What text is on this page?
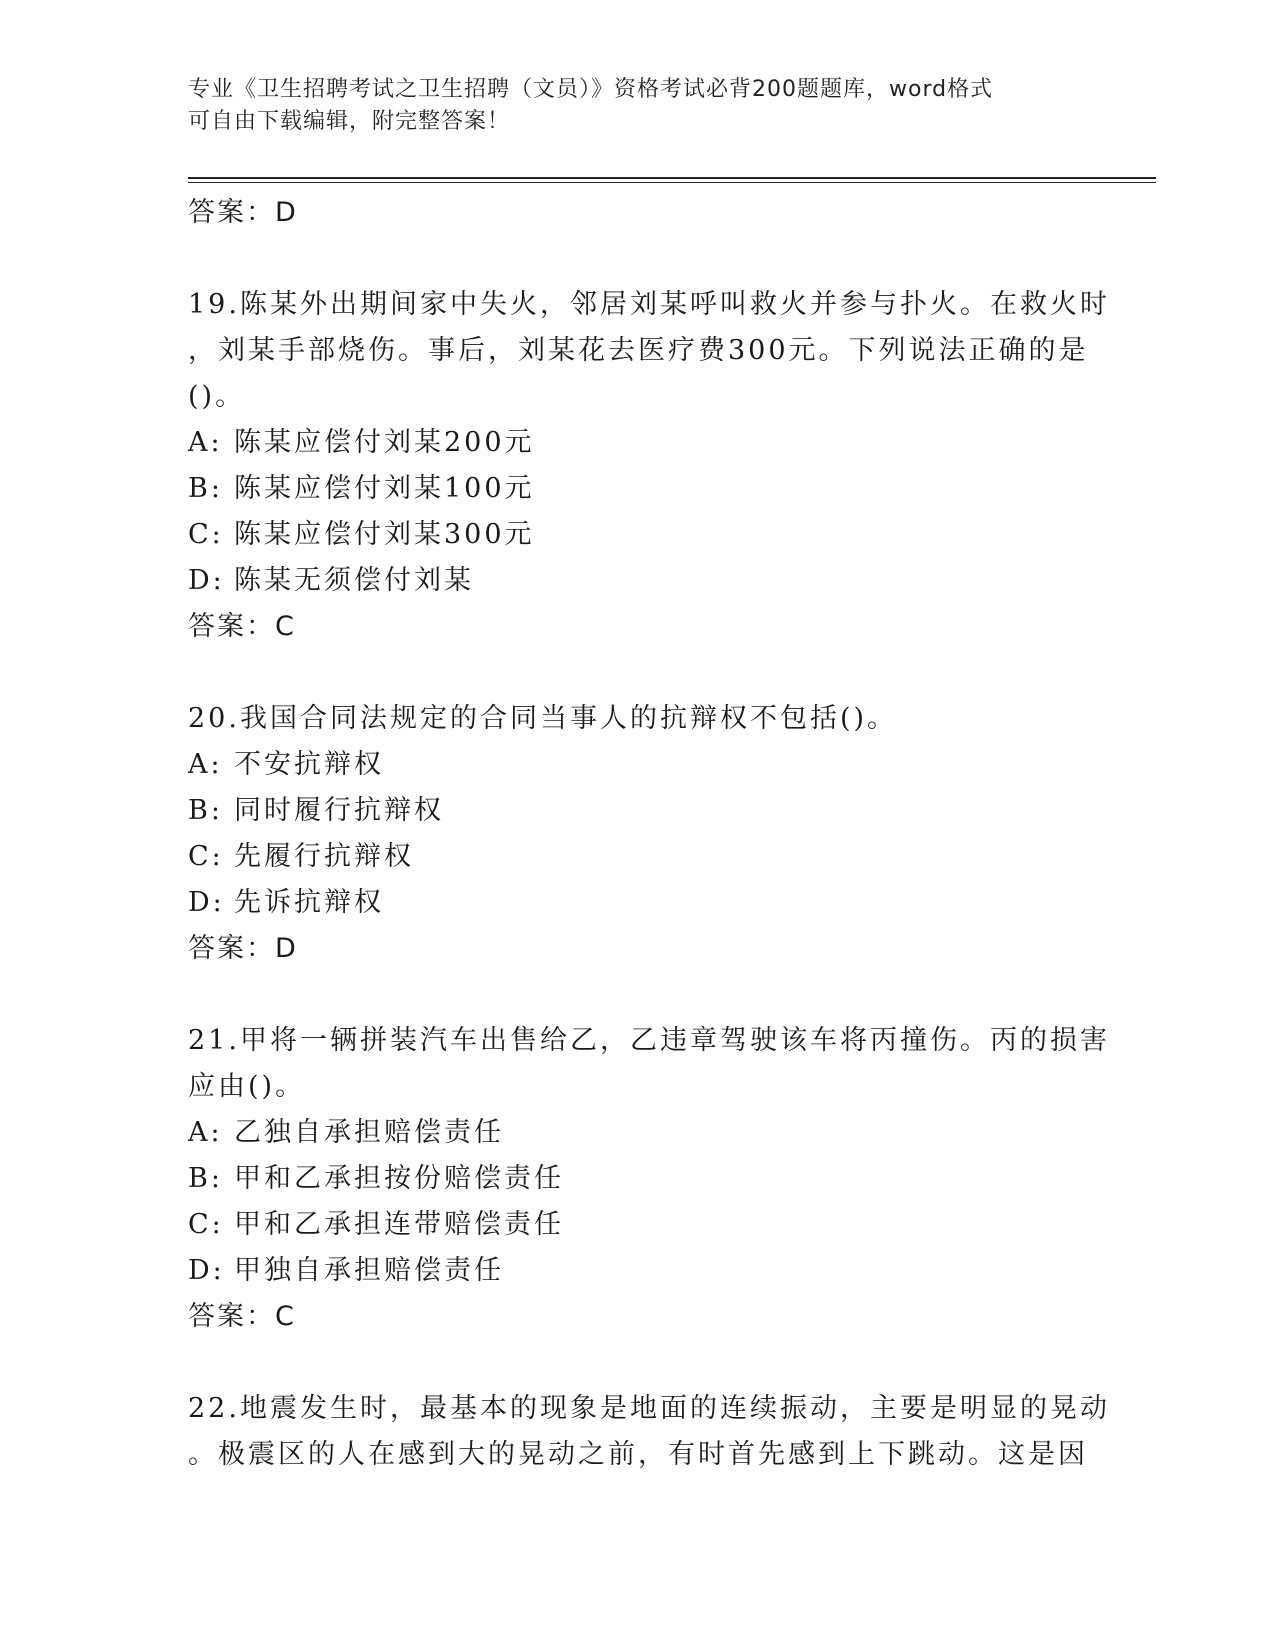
专业《卫生招聘考试之卫生招聘（文员）》资格考试必背200题题库，word格式
可自由下载编辑，附完整答案！
答案：D
19.陈某外出期间家中失火，邻居刘某呼叫救火并参与扑火。在救火时
，刘某手部烧伤。事后，刘某花去医疗费300元。下列说法正确的是
()。
A: 陈某应偿付刘某200元
B: 陈某应偿付刘某100元
C: 陈某应偿付刘某300元
D: 陈某无须偿付刘某
答案：C
20.我国合同法规定的合同当事人的抗辩权不包括()。
A: 不安抗辩权
B: 同时履行抗辩权
C: 先履行抗辩权
D: 先诉抗辩权
答案：D
21.甲将一辆拼装汽车出售给乙，乙违章驾驶该车将丙撞伤。丙的损害
应由()。
A: 乙独自承担赔偿责任
B: 甲和乙承担按份赔偿责任
C: 甲和乙承担连带赔偿责任
D: 甲独自承担赔偿责任
答案：C
22.地震发生时，最基本的现象是地面的连续振动，主要是明显的晃动
。极震区的人在感到大的晃动之前，有时首先感到上下跳动。这是因
